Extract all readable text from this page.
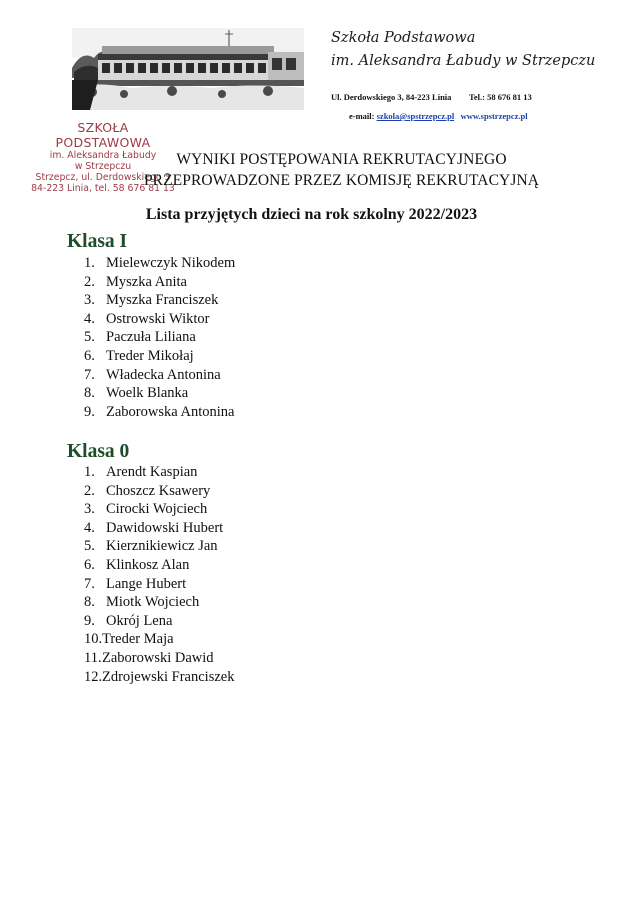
Szkoła Podstawowa
im. Aleksandra Łabudy w Strzepczu
Ul. Derdowskiego 3, 84-223 Linia Tel.: 58 676 81 13
e-mail: szkola@spstrzepcz.pl www.spstrzepcz.pl
SZKOŁA PODSTAWOWA
im. Aleksandra Łabudy
w Strzepczu
Strzepcz, ul. Derdowskiego 3
84-223 Linia, tel. 58 676 81 13
WYNIKI POSTĘPOWANIA REKRUTACYJNEGO
PRZEPROWADZONE PRZEZ KOMISJĘ REKRUTACYJNĄ
Lista przyjętych dzieci na rok szkolny 2022/2023
Klasa I
1. Mielewczyk Nikodem
2. Myszka Anita
3. Myszka Franciszek
4. Ostrowski Wiktor
5. Paczuła Liliana
6. Treder Mikołaj
7. Władecka Antonina
8. Woelk Blanka
9. Zaborowska Antonina
Klasa 0
1. Arendt Kaspian
2. Choszcz Ksawery
3. Cirocki Wojciech
4. Dawidowski Hubert
5. Kierznikiewicz Jan
6. Klinkosz Alan
7. Lange Hubert
8. Miotk Wojciech
9. Okrój Lena
10.Treder Maja
11.Zaborowski Dawid
12.Zdrojewski Franciszek
